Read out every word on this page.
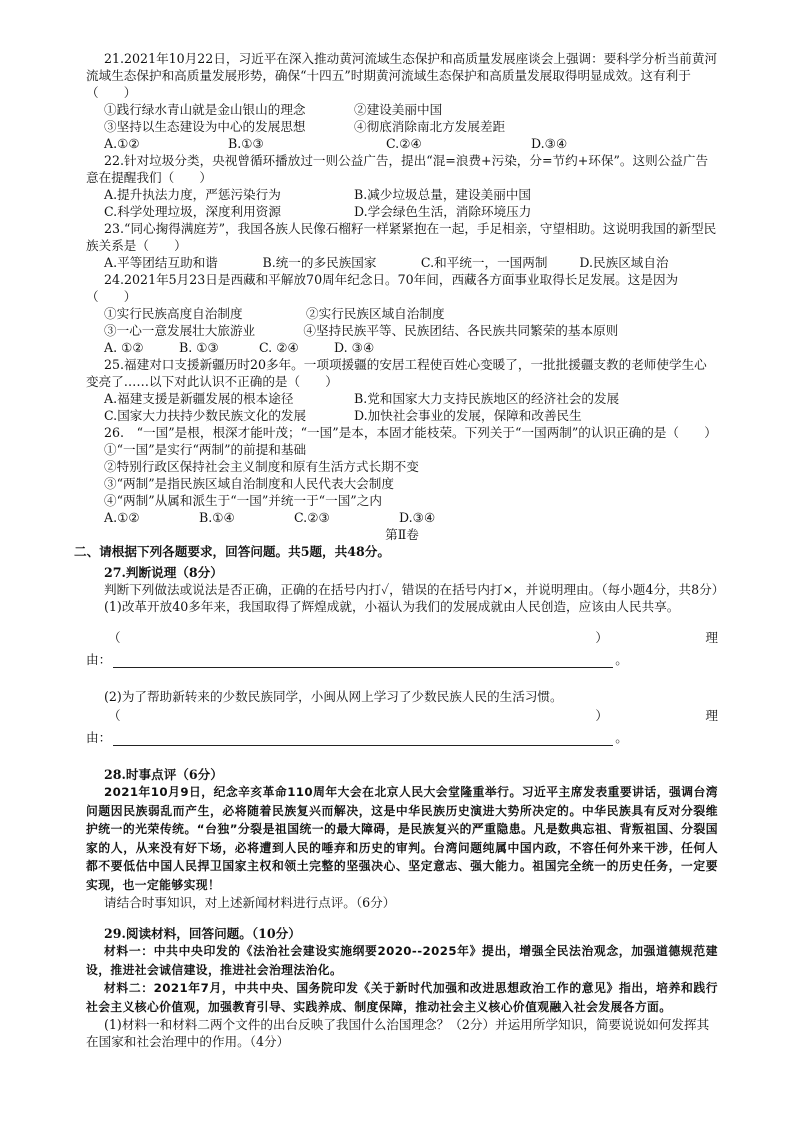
21.2021年10月22日，习近平在深入推动黄河流域生态保护和高质量发展座谈会上强调：要科学分析当前黄河流域生态保护和高质量发展形势，确保“十四五”时期黄河流域生态保护和高质量发展取得明显成效。这有利于（　　）

①践行绿水青山就是金山银山的理念	②建设美丽中国
③坚持以生态建设为中心的发展思想	④彻底消除南北方发展差距
A.①②	B.①③	C.②④	D.③④

22.针对垃圾分类，央视曾循环播放过一则公益广告，提出“混=浪费+污染，分=节约+环保”。这则公益广告意在提醒我们（　　）

A.提升执法力度，严惩污染行为	B.减少垃圾总量，建设美丽中国
C.科学处理垃圾，深度利用资源	D.学会绿色生活，消除环境压力

23.“同心掬得满庭芳”，我国各族人民像石榴籽一样紧紧抱在一起，手足相亲，守望相助。这说明我国的新型民族关系是（　　）

A.平等团结互助和谐	B.统一的多民族国家	C.和平统一，一国两制	D.民族区域自治

24.2021年5月23日是西藏和平解放70周年纪念日。70年间，西藏各方面事业取得长足发展。这是因为（　　）

①实行民族高度自治制度	②实行民族区域自治制度
③一心一意发展壮大旅游业	④坚持民族平等、民族团结、各民族共同繁荣的基本原则
A. ①②	B. ①③	C. ②④	D. ③④

25.福建对口支援新疆历时20多年。一项项援疆的安居工程使百姓心变暖了，一批批援疆支教的老师使学生心变亮了……以下对此认识不正确的是（　　）

A.福建支援是新疆发展的根本途径	B.党和国家大力支持民族地区的经济社会的发展
C.国家大力扶持少数民族文化的发展	D.加快社会事业的发展，保障和改善民生

26.　“一国”是根，根深才能叶茂；“一国”是本，本固才能枝荣。下列关于“一国两制”的认识正确的是（　　）

①“一国”是实行“两制”的前提和基础

②特别行政区保持社会主义制度和原有生活方式长期不变

③“两制”是指民族区域自治制度和人民代表大会制度

④“两制”从属和派生于“一国”并统一于“一国”之内

A.①②	B.①④	C.②③	D.③④

第Ⅱ卷

二、请根据下列各题要求，回答问题。共5题，共48分。

27.判断说理（8分）

判断下列做法或说法是否正确，正确的在括号内打✓，错误的在括号内打×，并说明理由。（每小题4分，共8分）

(1)改革开放40多年来，我国取得了辉煌成就，小福认为我们的发展成就由人民创造，应该由人民共享。

（	）	理
由：	。

(2)为了帮助新转来的少数民族同学，小闽从网上学习了少数民族人民的生活习惯。

（	）	理
由：	。

28.时事点评（6分）

2021年10月9日，纪念辛亥革命110周年大会在北京人民大会堂隆重举行。习近平主席发表重要讲话，强调台湾问题因民族弱乱而产生，必将随着民族复兴而解决，这是中华民族历史演进大势所决定的。中华民族具有反对分裂维护统一的光荣传统。“台独”分裂是祖国统一的最大障碍，是民族复兴的严重隐患。凡是数典忘祖、背叛祖国、分裂国家的人，从来没有好下场，必将遭到人民的唾弃和历史的审判。台湾问题纯属中国内政，不容任何外来干涉，任何人都不要低估中国人民捍卫国家主权和领土完整的坚强决心、坚定意志、强大能力。祖国完全统一的历史任务，一定要实现，也一定能够实现！

请结合时事知识，对上述新闻材料进行点评。（6分）

29.阅读材料，回答问题。（10分）

材料一：中共中央印发的《法治社会建设实施纲要2020--2025年》提出，增强全民法治观念，加强道德规范建设，推进社会诚信建设，推进社会治理法治化。

材料二：2021年7月，中共中央、国务院印发《关于新时代加强和改进思想政治工作的意见》指出，培养和践行社会主义核心价值观，加强教育引导、实践养成、制度保障，推动社会主义核心价值观融入社会发展各方面。

(1)材料一和材料二两个文件的出台反映了我国什么治国理念？（2分）并运用所学知识，简要说说如何发挥其在国家和社会治理中的作用。（4分）
